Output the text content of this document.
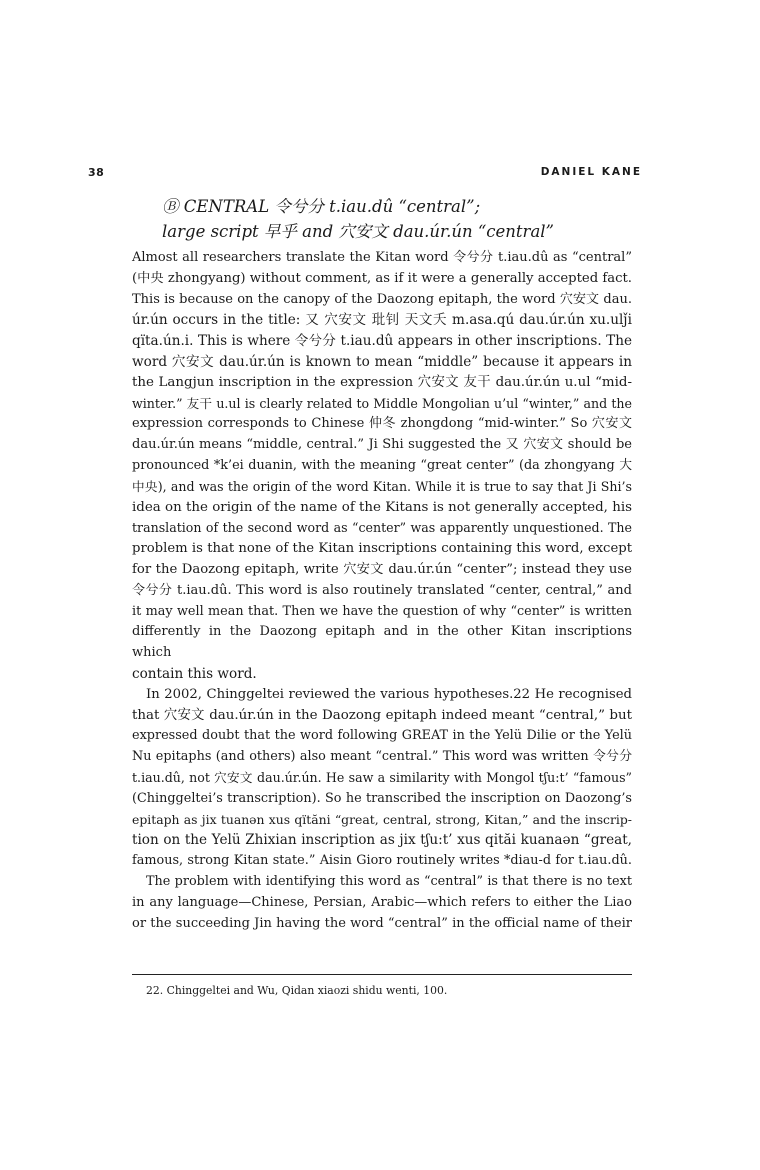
38	DANIEL KANE
Ⓑ CENTRAL 令兮分 t.iau.dû “central”;
large script 早乎 and 穴安文 dau.úr.ún “central”
Almost all researchers translate the Kitan word 令兮分 t.iau.dû as “central”
(中央 zhongyang) without comment, as if it were a generally accepted fact.
This is because on the canopy of the Daozong epitaph, the word 穴安文 dau.
úr.ún occurs in the title: 又 穴安文 玭钊 天文夭 m.asa.qú dau.úr.ún xu.ulǰi
qïta.ún.i. This is where 令兮分 t.iau.dû appears in other inscriptions. The
word 穴安文 dau.úr.ún is known to mean “middle” because it appears in
the Langjun inscription in the expression 穴安文 友干 dau.úr.ún u.ul “mid-
winter.” 友干 u.ul is clearly related to Middle Mongolian u’ul “winter,” and the
expression corresponds to Chinese 仲冬 zhongdong “mid-winter.” So 穴安文
dau.úr.ún means “middle, central.” Ji Shi suggested the 又 穴安文 should be
pronounced *k’ei duanin, with the meaning “great center” (da zhongyang 大
中央), and was the origin of the word Kitan. While it is true to say that Ji Shi’s
idea on the origin of the name of the Kitans is not generally accepted, his
translation of the second word as “center” was apparently unquestioned. The
problem is that none of the Kitan inscriptions containing this word, except
for the Daozong epitaph, write 穴安文 dau.úr.ún “center”; instead they use
令兮分 t.iau.dû. This word is also routinely translated “center, central,” and
it may well mean that. Then we have the question of why “center” is written
differently in the Daozong epitaph and in the other Kitan inscriptions which
contain this word.
In 2002, Chinggeltei reviewed the various hypotheses.22 He recognised
that 穴安文 dau.úr.ún in the Daozong epitaph indeed meant “central,” but
expressed doubt that the word following GREAT in the Yelü Dilie or the Yelü
Nu epitaphs (and others) also meant “central.” This word was written 令兮分
t.iau.dû, not 穴安文 dau.úr.ún. He saw a similarity with Mongol tʃu:t’ “famous”
(Chinggeltei’s transcription). So he transcribed the inscription on Daozong’s
epitaph as jix tuanən xus qïtăni “great, central, strong, Kitan,” and the inscrip-
tion on the Yelü Zhixian inscription as jix tʃu:t’ xus qităi kuanaən “great,
famous, strong Kitan state.” Aisin Gioro routinely writes *diau-d for t.iau.dû.
The problem with identifying this word as “central” is that there is no text
in any language—Chinese, Persian, Arabic—which refers to either the Liao
or the succeeding Jin having the word “central” in the official name of their
22. Chinggeltei and Wu, Qidan xiaozi shidu wenti, 100.
